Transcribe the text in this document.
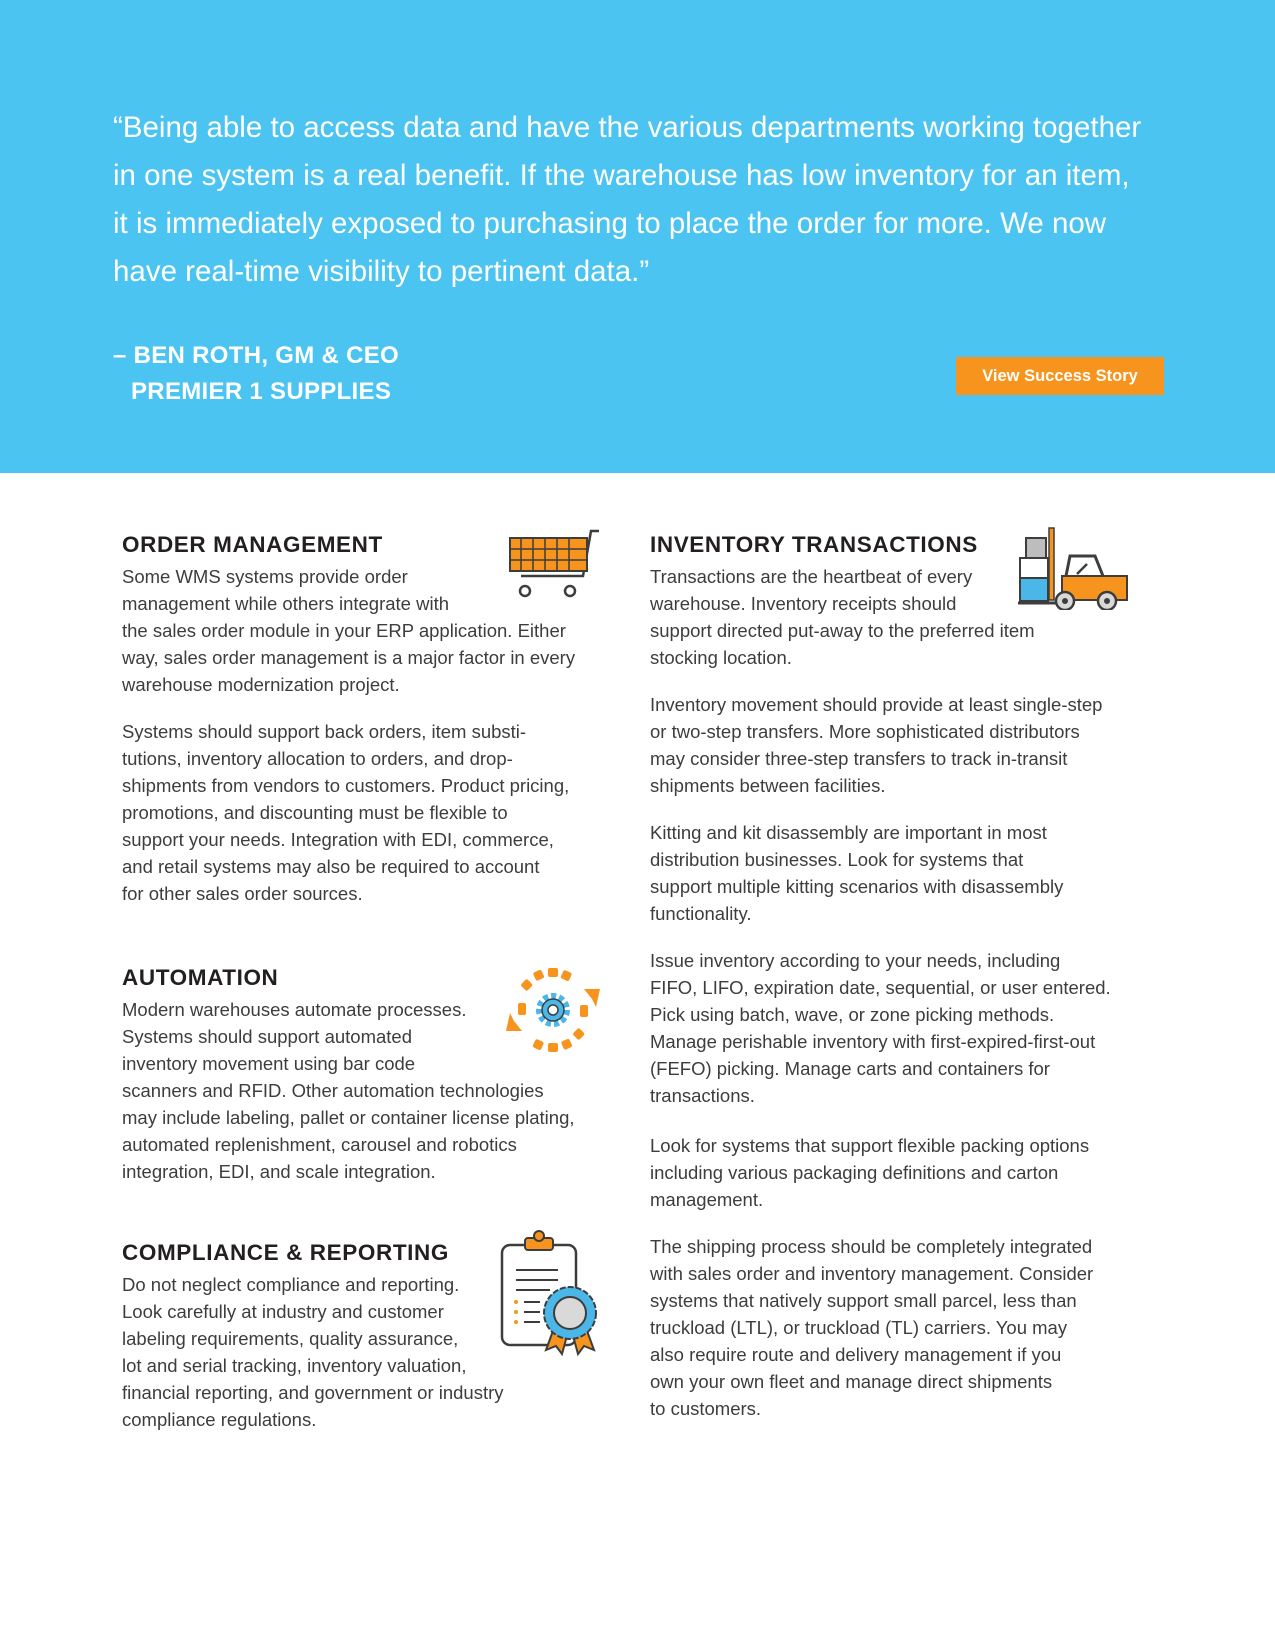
“Being able to access data and have the various departments working together
in one system is a real benefit. If the warehouse has low inventory for an item,
it is immediately exposed to purchasing to place the order for more. We now
have real-time visibility to pertinent data.”

– BEN ROTH, GM & CEO
PREMIER 1 SUPPLIES
View Success Story
ORDER MANAGEMENT

Some WMS systems provide order
management while others integrate with
the sales order module in your ERP application. Either
way, sales order management is a major factor in every
warehouse modernization project.

Systems should support back orders, item substi-
tutions, inventory allocation to orders, and drop-
shipments from vendors to customers. Product pricing,
promotions, and discounting must be flexible to
support your needs. Integration with EDI, commerce,
and retail systems may also be required to account
for other sales order sources.

AUTOMATION

Modern warehouses automate processes.
Systems should support automated
inventory movement using bar code
scanners and RFID. Other automation technologies
may include labeling, pallet or container license plating,
automated replenishment, carousel and robotics
integration, EDI, and scale integration.

COMPLIANCE & REPORTING

Do not neglect compliance and reporting.
Look carefully at industry and customer
labeling requirements, quality assurance,
lot and serial tracking, inventory valuation,
financial reporting, and government or industry
compliance regulations.

INVENTORY TRANSACTIONS

Transactions are the heartbeat of every
warehouse. Inventory receipts should
support directed put-away to the preferred item
stocking location.

Inventory movement should provide at least single-step
or two-step transfers. More sophisticated distributors
may consider three-step transfers to track in-transit
shipments between facilities.

Kitting and kit disassembly are important in most
distribution businesses. Look for systems that
support multiple kitting scenarios with disassembly
functionality.

Issue inventory according to your needs, including
FIFO, LIFO, expiration date, sequential, or user entered.
Pick using batch, wave, or zone picking methods.
Manage perishable inventory with first-expired-first-out
(FEFO) picking. Manage carts and containers for
transactions.

Look for systems that support flexible packing options
including various packaging definitions and carton
management.

The shipping process should be completely integrated
with sales order and inventory management. Consider
systems that natively support small parcel, less than
truckload (LTL), or truckload (TL) carriers. You may
also require route and delivery management if you
own your own fleet and manage direct shipments
to customers.
